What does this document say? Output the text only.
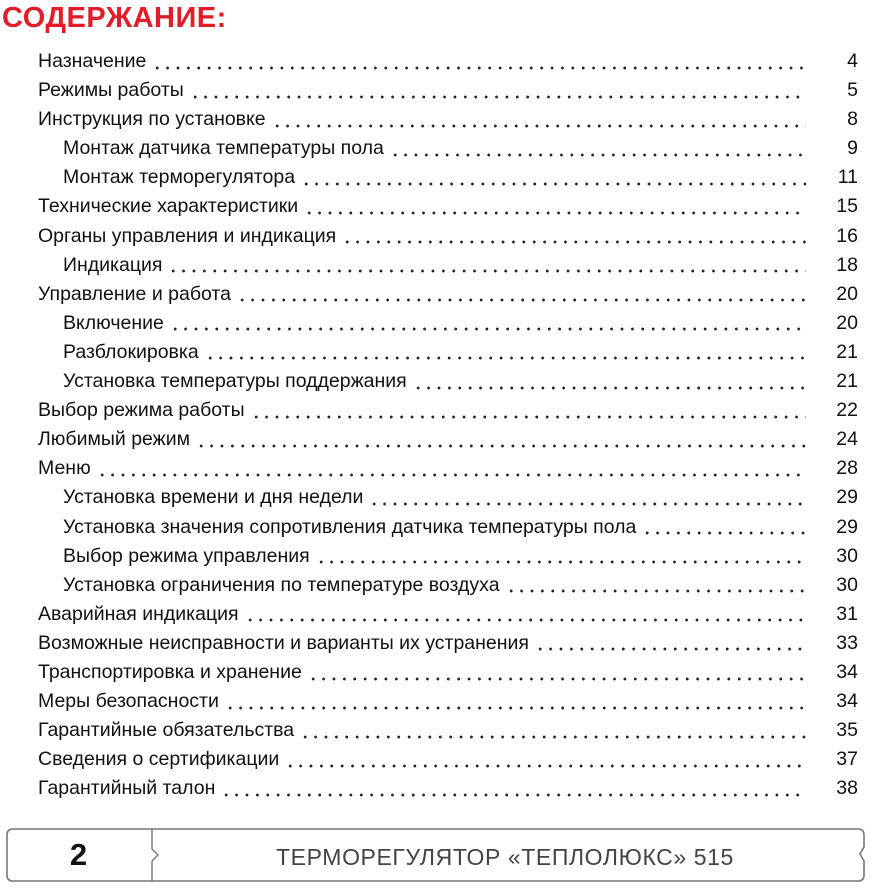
СОДЕРЖАНИЕ:
Назначение	4
Режимы работы	5
Инструкция по установке	8
Монтаж датчика температуры пола	9
Монтаж терморегулятора	11
Технические характеристики	15
Органы управления и индикация	16
Индикация	18
Управление и работа	20
Включение	20
Разблокировка	21
Установка температуры поддержания	21
Выбор режима работы	22
Любимый режим	24
Меню	28
Установка времени и дня недели	29
Установка значения сопротивления датчика температуры пола	29
Выбор режима управления	30
Установка ограничения по температуре воздуха	30
Аварийная индикация	31
Возможные неисправности и варианты их устранения	33
Транспортировка и хранение	34
Меры безопасности	34
Гарантийные обязательства	35
Сведения о сертификации	37
Гарантийный талон	38
2	ТЕРМОРЕГУЛЯТОР «ТЕПЛОЛЮКС» 515
